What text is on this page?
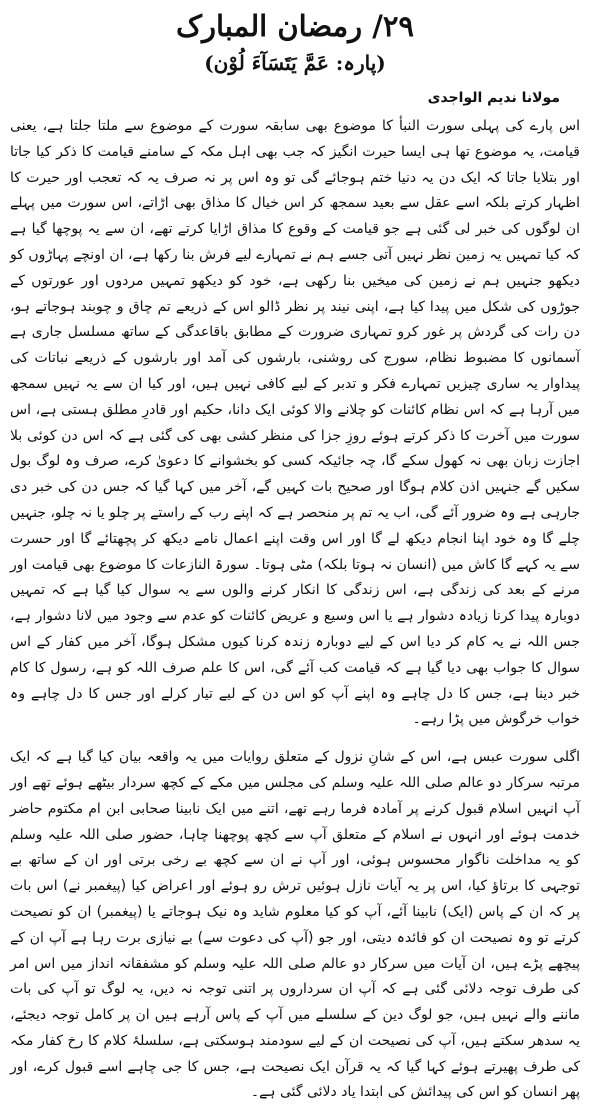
۲۹/ رمضان المبارک
(پارہ: عَمَّ یَتَسَآءَ لُوْن)
مولانا ندیم الواجدی

اس پارے کی پہلی سورت النبأ کا موضوع بھی سابقہ سورت کے موضوع سے ملتا جلتا ہے، یعنی قیامت، یہ موضوع تھا ہی ایسا حیرت انگیز کہ جب بھی اہل مکہ کے سامنے قیامت کا ذکر کیا جاتا اور بتلایا جاتا کہ ایک دن یہ دنیا ختم ہوجائے گی تو وہ اس پر نہ صرف یہ کہ تعجب اور حیرت کا اظہار کرتے بلکہ اسے عقل سے بعید سمجھ کر اس خیال کا مذاق بھی اڑاتے، اس سورت میں پہلے ان لوگوں کی خبر لی گئی ہے جو قیامت کے وقوع کا مذاق اڑایا کرتے تھے، ان سے یہ پوچھا گیا ہے کہ کیا تمہیں یہ زمین نظر نہیں آتی جسے ہم نے تمہارے لیے فرش بنا رکھا ہے، ان اونچے پہاڑوں کو دیکھو جنہیں ہم نے زمین کی میخیں بنا رکھی ہے، خود کو دیکھو تمہیں مردوں اور عورتوں کے جوڑوں کی شکل میں پیدا کیا ہے، اپنی نیند پر نظر ڈالو اس کے ذریعے تم چاق و چوبند ہوجاتے ہو، دن رات کی گردش پر غور کرو تمہاری ضرورت کے مطابق باقاعدگی کے ساتھ مسلسل جاری ہے آسمانوں کا مضبوط نظام، سورج کی روشنی، بارشوں کی آمد اور بارشوں کے ذریعے نباتات کی پیداوار یہ ساری چیزیں تمہارے فکر و تدبر کے لیے کافی نہیں ہیں، اور کیا ان سے یہ نہیں سمجھ میں آرہا ہے کہ اس نظام کائنات کو چلانے والا کوئی ایک دانا، حکیم اور قادرِ مطلق ہستی ہے، اس سورت میں آخرت کا ذکر کرتے ہوئے روزِ جزا کی منظر کشی بھی کی گئی ہے کہ اس دن کوئی بلا اجازت زبان بھی نہ کھول سکے گا، چہ جائیکہ کسی کو بخشوانے کا دعویٰ کرے، صرف وہ لوگ بول سکیں گے جنہیں اذن کلام ہوگا اور صحیح بات کہیں گے، آخر میں کہا گیا کہ جس دن کی خبر دی جارہی ہے وہ ضرور آئے گی، اب یہ تم پر منحصر ہے کہ اپنے رب کے راستے پر چلو یا نہ چلو، جنہیں چلے گا وہ خود اپنا انجام دیکھ لے گا اور اس وقت اپنے اعمال نامے دیکھ کر پچھتائے گا اور حسرت سے یہ کہے گا کاش میں (انسان نہ ہوتا بلکہ) مٹی ہوتا۔ سورۃ النازعات کا موضوع بھی قیامت اور مرنے کے بعد کی زندگی ہے، اس زندگی کا انکار کرنے والوں سے یہ سوال کیا گیا ہے کہ تمہیں دوبارہ پیدا کرنا زیادہ دشوار ہے یا اس وسیع و عریض کائنات کو عدم سے وجود میں لانا دشوار ہے، جس اللہ نے یہ کام کر دیا اس کے لیے دوبارہ زندہ کرنا کیوں مشکل ہوگا، آخر میں کفار کے اس سوال کا جواب بھی دیا گیا ہے کہ قیامت کب آئے گی، اس کا علم صرف اللہ کو ہے، رسول کا کام خبر دینا ہے، جس کا دل چاہے وہ اپنے آپ کو اس دن کے لیے تیار کرلے اور جس کا دل چاہے وہ خواب خرگوش میں پڑا رہے۔

اگلی سورت عبس ہے، اس کے شانِ نزول کے متعلق روایات میں یہ واقعہ بیان کیا گیا ہے کہ ایک مرتبہ سرکار دو عالم صلی اللہ علیہ وسلم کی مجلس میں مکے کے کچھ سردار بیٹھے ہوئے تھے اور آپ انہیں اسلام قبول کرنے پر آمادہ فرما رہے تھے، اتنے میں ایک نابینا صحابی ابن ام مکتوم حاضر خدمت ہوئے اور انہوں نے اسلام کے متعلق آپ سے کچھ پوچھنا چاہا، حضور صلی اللہ علیہ وسلم کو یہ مداخلت ناگوار محسوس ہوئی، اور آپ نے ان سے کچھ بے رخی برتی اور ان کے ساتھ بے توجہی کا برتاؤ کیا، اس پر یہ آیات نازل ہوئیں ترش رو ہوئے اور اعراض کیا (پیغمبر نے) اس بات پر کہ ان کے پاس (ایک) نابینا آئے، آپ کو کیا معلوم شاید وہ نیک ہوجاتے یا (پیغمبر) ان کو نصیحت کرتے تو وہ نصیحت ان کو فائدہ دیتی، اور جو (آپ کی دعوت سے) بے نیازی برت رہا ہے آپ ان کے پیچھے پڑے ہیں، ان آیات میں سرکار دو عالم صلی اللہ علیہ وسلم کو مشفقانہ انداز میں اس امر کی طرف توجہ دلائی گئی ہے کہ آپ ان سرداروں پر اتنی توجہ نہ دیں، یہ لوگ تو آپ کی بات ماننے والے نہیں ہیں، جو لوگ دین کے سلسلے میں آپ کے پاس آرہے ہیں ان پر کامل توجہ دیجئے، یہ سدھر سکتے ہیں، آپ کی نصیحت ان کے لیے سودمند ہوسکتی ہے، سلسلۂ کلام کا رخ کفار مکہ کی طرف پھیرتے ہوئے کہا گیا کہ یہ قرآن ایک نصیحت ہے، جس کا جی چاہے اسے قبول کرے، اور پھر انسان کو اس کی پیدائش کی ابتدا یاد دلائی گئی ہے۔
